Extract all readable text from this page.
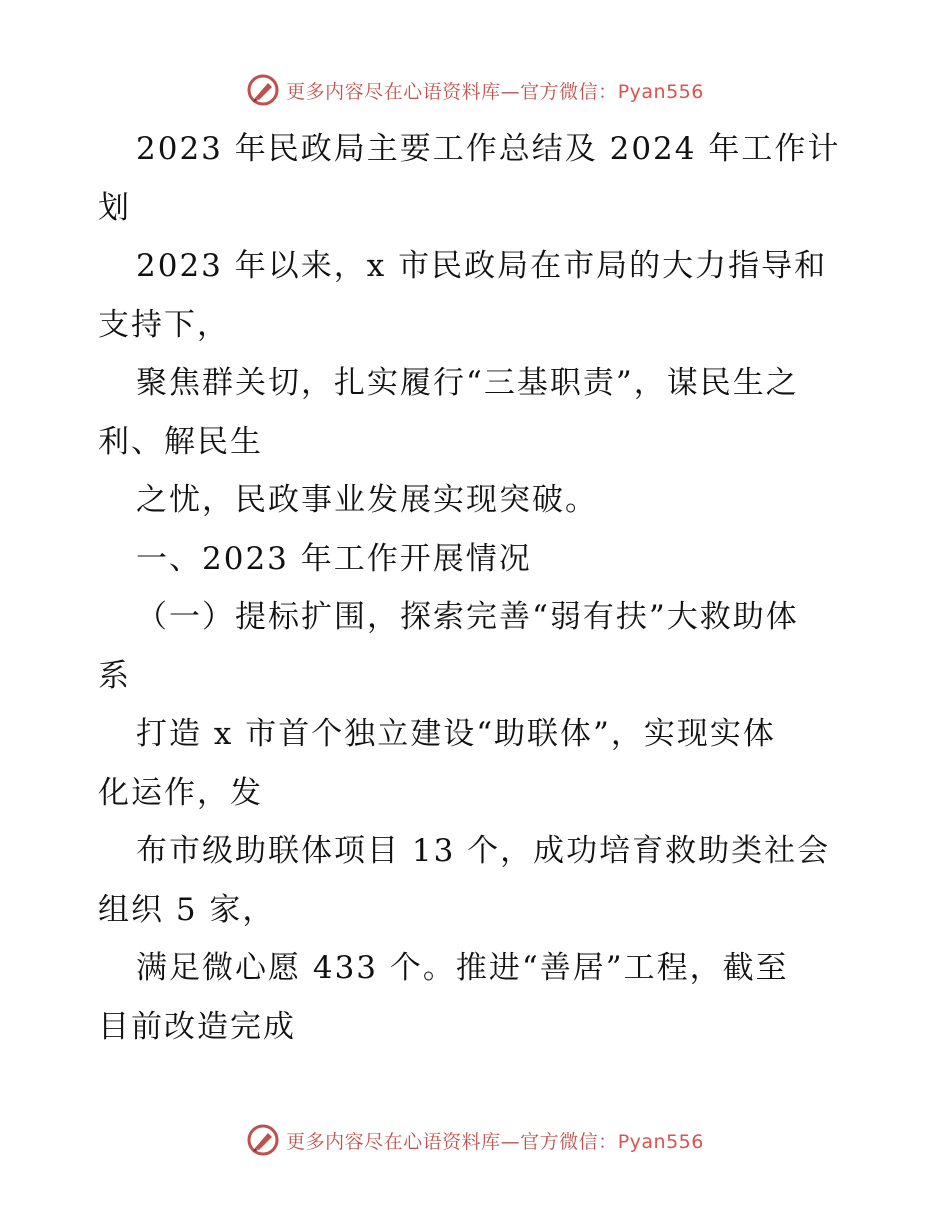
更多内容尽在心语资料库—官方微信：Pyan556
2023 年民政局主要工作总结及 2024 年工作计
划
2023 年以来，x 市民政局在市局的大力指导和
支持下，
聚焦群关切，扎实履行“三基职责”，谋民生之
利、解民生
之忧，民政事业发展实现突破。
一、2023 年工作开展情况
（一）提标扩围，探索完善“弱有扶”大救助体
系
打造 x 市首个独立建设“助联体”，实现实体
化运作，发
布市级助联体项目 13 个，成功培育救助类社会
组织 5 家，
满足微心愿 433 个。推进“善居”工程，截至
目前改造完成
更多内容尽在心语资料库—官方微信：Pyan556
